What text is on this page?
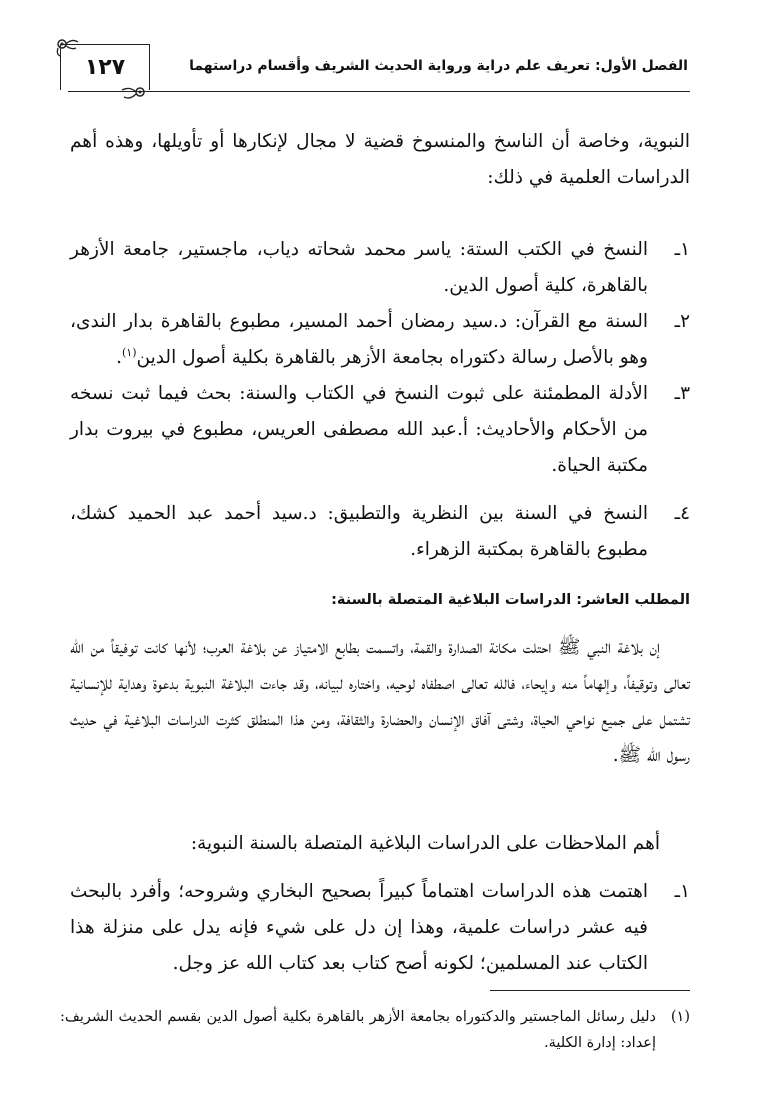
الفصل الأول: تعريف علم دراية ورواية الحديث الشريف وأقسام دراستهما
١٢٧
النبوية، وخاصة أن الناسخ والمنسوخ قضية لا مجال لإنكارها أو تأويلها، وهذه أهم الدراسات العلمية في ذلك:
١ـ
النسخ في الكتب الستة: ياسر محمد شحاته دياب، ماجستير، جامعة الأزهر بالقاهرة، كلية أصول الدين.
٢ـ
السنة مع القرآن: د.سيد رمضان أحمد المسير، مطبوع بالقاهرة بدار الندى، وهو بالأصل رسالة دكتوراه بجامعة الأزهر بالقاهرة بكلية أصول الدين$^{(١)}$.
٣ـ
الأدلة المطمئنة على ثبوت النسخ في الكتاب والسنة: بحث فيما ثبت نسخه من الأحكام والأحاديث: أ.عبد الله مصطفى العريس، مطبوع في بيروت بدار مكتبة الحياة.
٤ـ
النسخ في السنة بين النظرية والتطبيق: د.سيد أحمد عبد الحميد كشك، مطبوع بالقاهرة بمكتبة الزهراء.
المطلب العاشر: الدراسات البلاغية المتصلة بالسنة:
إن بلاغة النبي ﷺ احتلت مكانة الصدارة والقمة، واتسمت بطابع الامتياز عن بلاغة العرب؛ لأنها كانت توفيقاً من الله تعالى وتوقيفاً، وإلهاماً منه وإيحاء، فالله تعالى اصطفاه لوحيه، واختاره لبيانه، وقد جاءت البلاغة النبوية بدعوة وهداية للإنسانية تشتمل على جميع نواحي الحياة، وشتى آفاق الإنسان والحضارة والثقافة، ومن هذا المنطلق كثرت الدراسات البلاغية في حديث رسول الله ﷺ.
أهم الملاحظات على الدراسات البلاغية المتصلة بالسنة النبوية:
١ـ
اهتمت هذه الدراسات اهتماماً كبيراً بصحيح البخاري وشروحه؛ وأفرد بالبحث فيه عشر دراسات علمية، وهذا إن دل على شيء فإنه يدل على منزلة هذا الكتاب عند المسلمين؛ لكونه أصح كتاب بعد كتاب الله عز وجل.
(١)
دليل رسائل الماجستير والدكتوراه بجامعة الأزهر بالقاهرة بكلية أصول الدين بقسم الحديث الشريف: إعداد: إدارة الكلية.
